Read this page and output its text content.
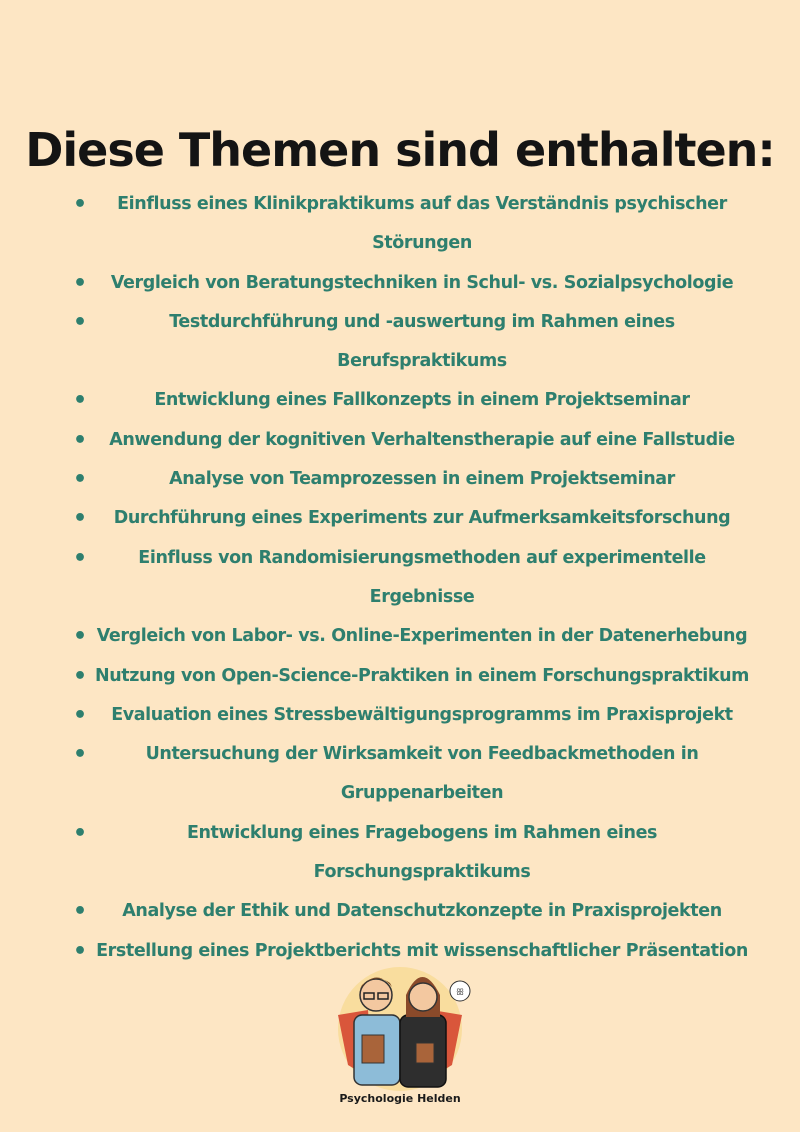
Diese Themen sind enthalten:
•	Einfluss eines Klinikpraktikums auf das Verständnis psychischer
Störungen
•	Vergleich von Beratungstechniken in Schul- vs. Sozialpsychologie
•	Testdurchführung und -auswertung im Rahmen eines
Berufspraktikums
•	Entwicklung eines Fallkonzepts in einem Projektseminar
•	Anwendung der kognitiven Verhaltenstherapie auf eine Fallstudie
•	Analyse von Teamprozessen in einem Projektseminar
•	Durchführung eines Experiments zur Aufmerksamkeitsforschung
•	Einfluss von Randomisierungsmethoden auf experimentelle Ergebnisse
• Vergleich von Labor- vs. Online-Experimenten in der Datenerhebung
• Nutzung von Open-Science-Praktiken in einem Forschungspraktikum
•	Evaluation eines Stressbewältigungsprogramms im Praxisprojekt
•	Untersuchung der Wirksamkeit von Feedbackmethoden in
Gruppenarbeiten
•	Entwicklung eines Fragebogens im Rahmen eines Forschungspraktikums
•	Analyse der Ethik und Datenschutzkonzepte in Praxisprojekten
• Erstellung eines Projektberichts mit wissenschaftlicher Präsentation
ꕥ
Psychologie Helden
